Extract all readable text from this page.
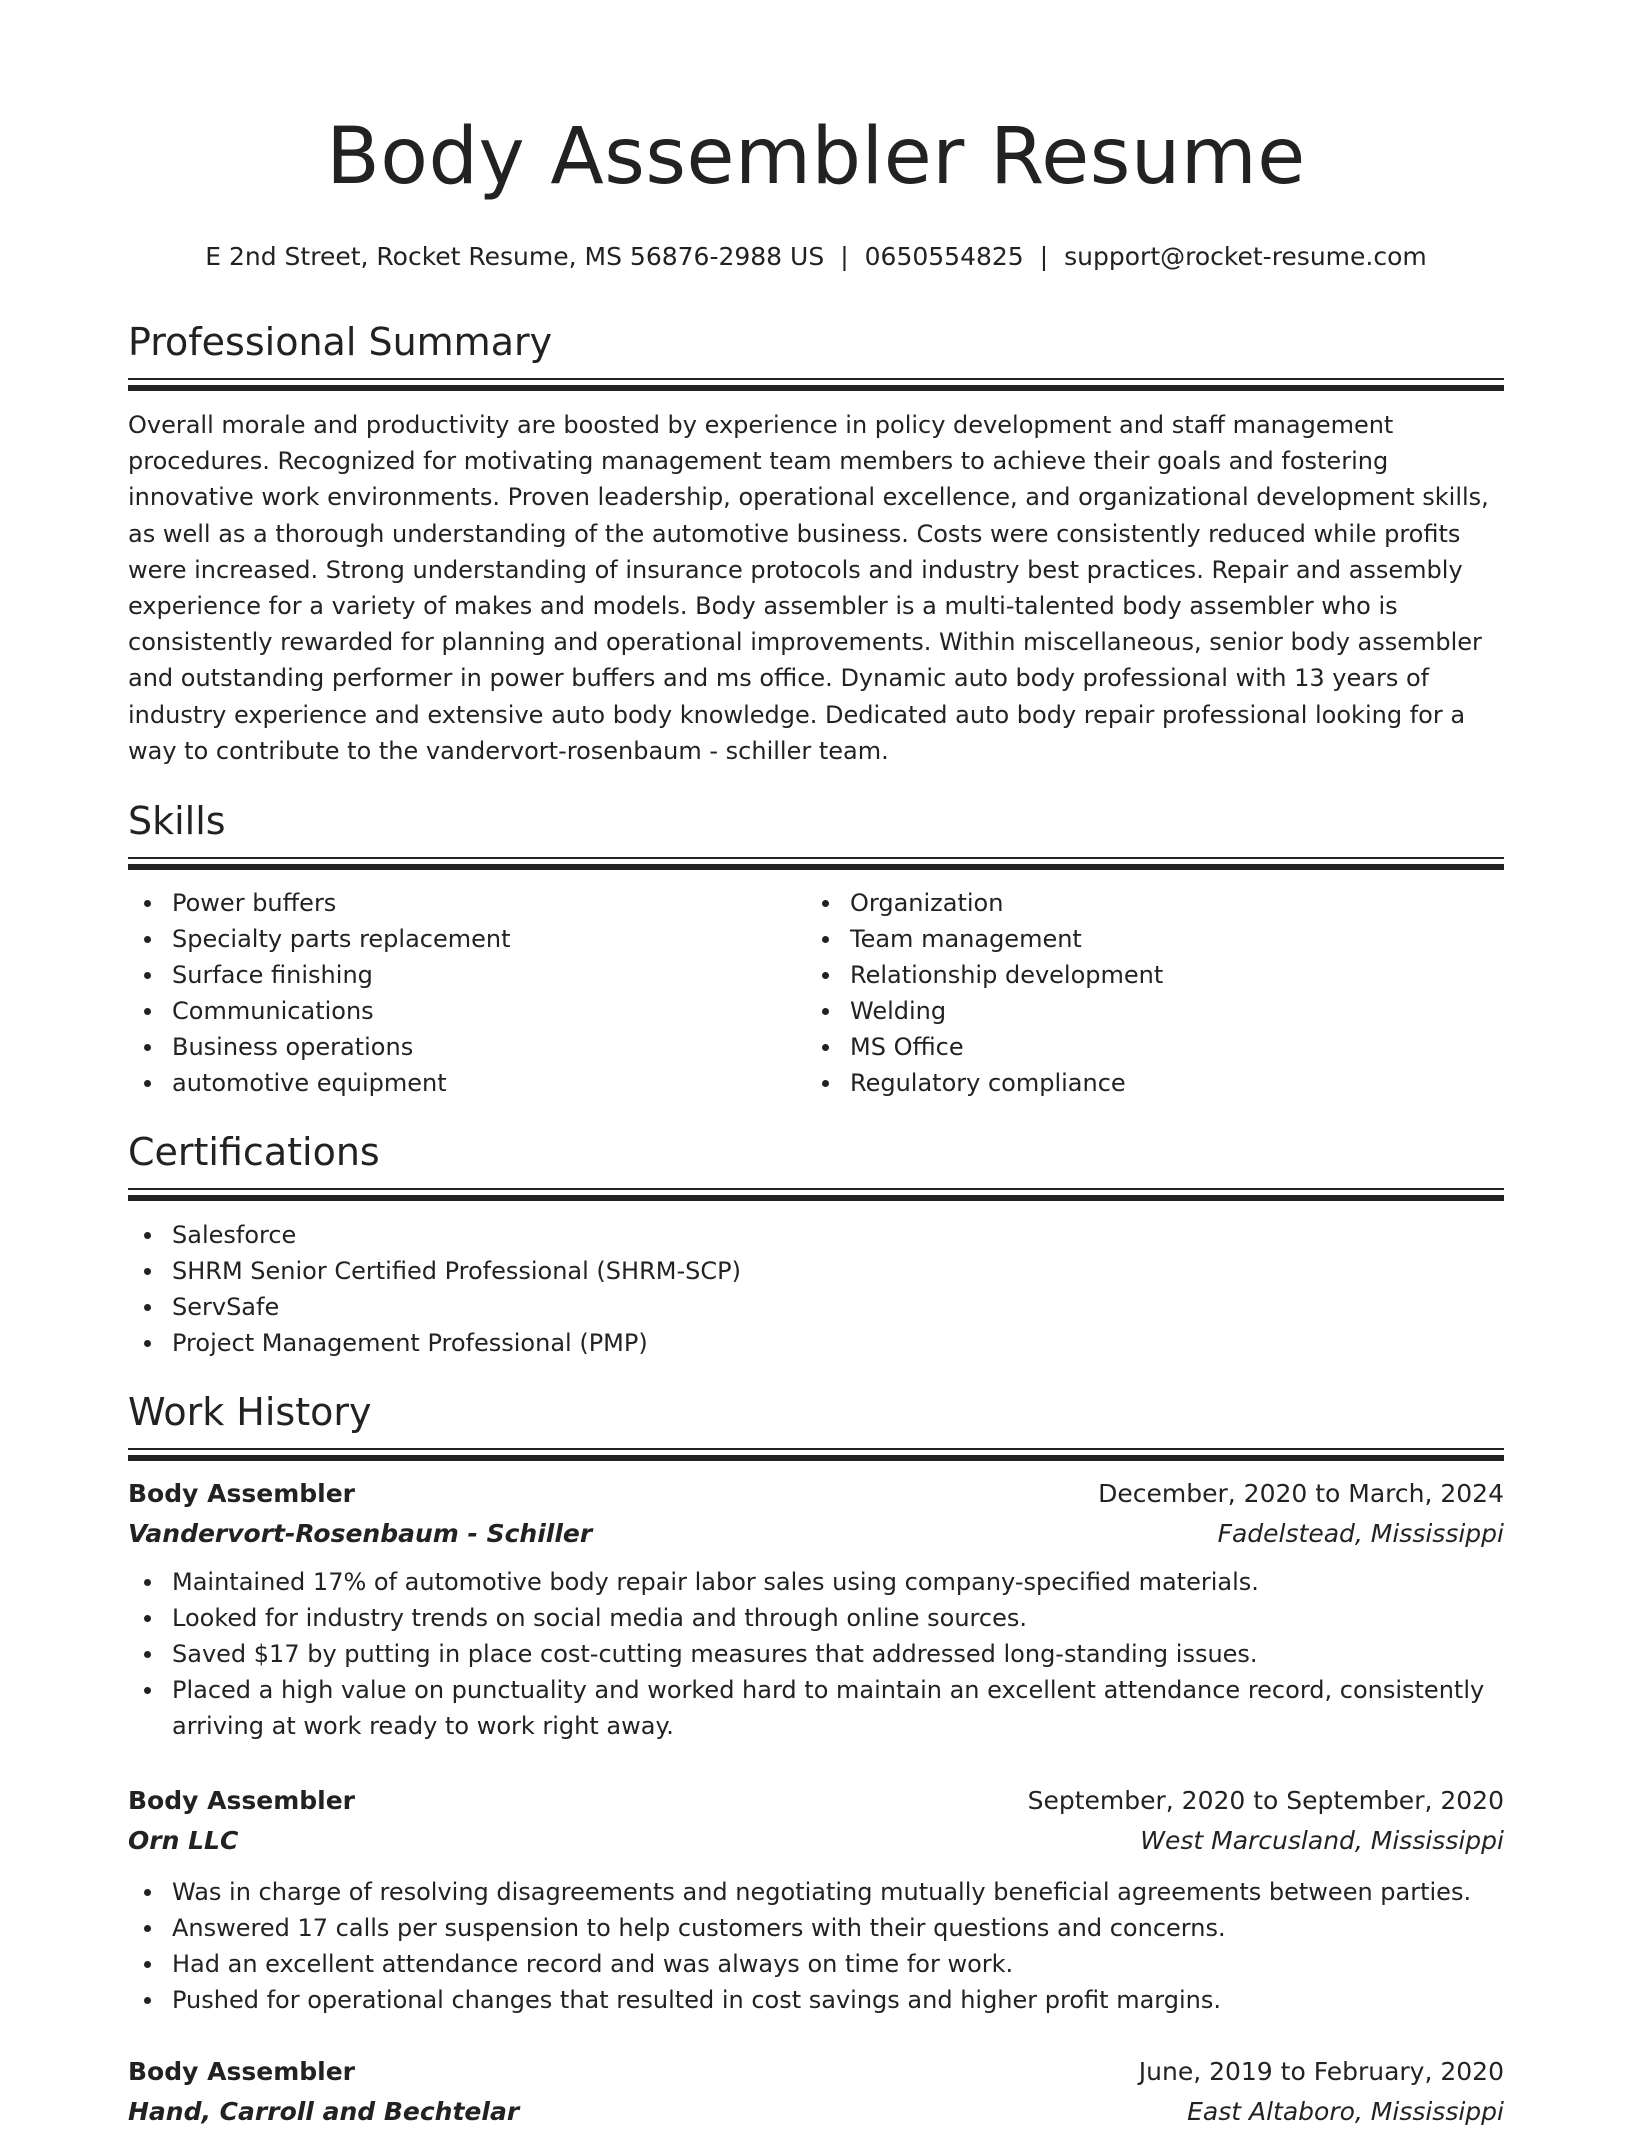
Body Assembler Resume
E 2nd Street, Rocket Resume, MS 56876-2988 US | 0650554825 | support@rocket-resume.com
Professional Summary

Overall morale and productivity are boosted by experience in policy development and staff management procedures. Recognized for motivating management team members to achieve their goals and fostering innovative work environments. Proven leadership, operational excellence, and organizational development skills, as well as a thorough understanding of the automotive business. Costs were consistently reduced while profits were increased. Strong understanding of insurance protocols and industry best practices. Repair and assembly experience for a variety of makes and models. Body assembler is a multi-talented body assembler who is consistently rewarded for planning and operational improvements. Within miscellaneous, senior body assembler and outstanding performer in power buffers and ms office. Dynamic auto body professional with 13 years of industry experience and extensive auto body knowledge. Dedicated auto body repair professional looking for a way to contribute to the vandervort-rosenbaum - schiller team.

Skills
Power buffers
Specialty parts replacement
Surface finishing
Communications
Business operations
automotive equipment
Organization
Team management
Relationship development
Welding
MS Office
Regulatory compliance
Certifications
Salesforce
SHRM Senior Certified Professional (SHRM-SCP)
ServSafe
Project Management Professional (PMP)
Work History
Body Assembler	December, 2020 to March, 2024
Vandervort-Rosenbaum - Schiller	Fadelstead, Mississippi
Maintained 17% of automotive body repair labor sales using company-specified materials.
Looked for industry trends on social media and through online sources.
Saved $17 by putting in place cost-cutting measures that addressed long-standing issues.
Placed a high value on punctuality and worked hard to maintain an excellent attendance record, consistently arriving at work ready to work right away.
Body Assembler	September, 2020 to September, 2020
Orn LLC	West Marcusland, Mississippi
Was in charge of resolving disagreements and negotiating mutually beneficial agreements between parties.
Answered 17 calls per suspension to help customers with their questions and concerns.
Had an excellent attendance record and was always on time for work.
Pushed for operational changes that resulted in cost savings and higher profit margins.
Body Assembler	June, 2019 to February, 2020
Hand, Carroll and Bechtelar	East Altaboro, Mississippi
